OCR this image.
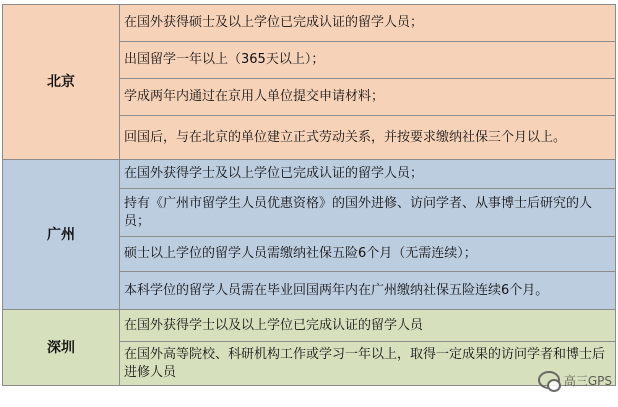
北京	在国外获得硕士及以上学位已完成认证的留学人员；
	出国留学一年以上（365天以上）；
	学成两年内通过在京用人单位提交申请材料；
	回国后，与在北京的单位建立正式劳动关系，并按要求缴纳社保三个月以上。
广州	在国外获得学士及以上学位已完成认证的留学人员；
	持有《广州市留学生人员优惠资格》的国外进修、访问学者、从事博士后研究的人员；
	硕士以上学位的留学人员需缴纳社保五险6个月（无需连续）；
	本科学位的留学人员需在毕业回国两年内在广州缴纳社保五险连续6个月。
深圳	在国外获得学士以及以上学位已完成认证的留学人员
	在国外高等院校、科研机构工作或学习一年以上，取得一定成果的访问学者和博士后进修人员
高三GPS
